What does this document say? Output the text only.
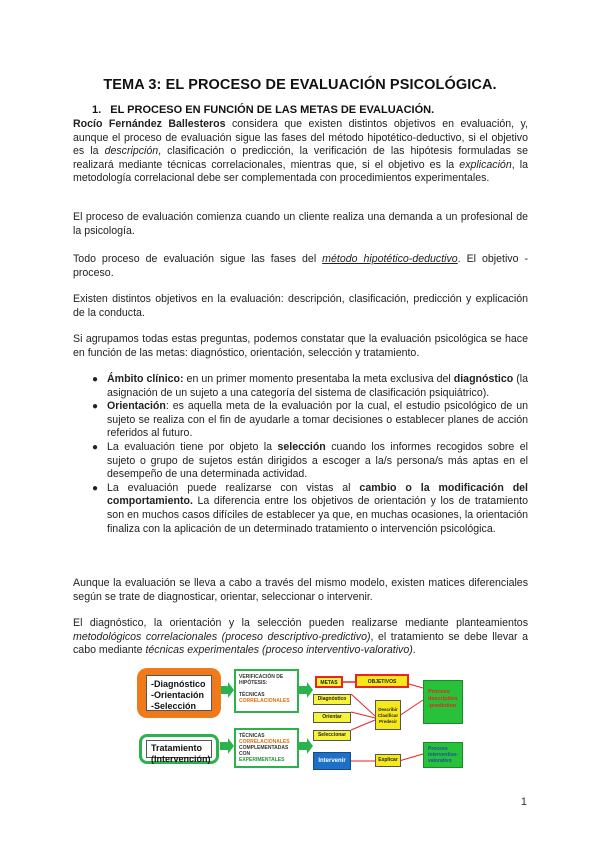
TEMA 3: EL PROCESO DE EVALUACIÓN PSICOLÓGICA.
1. EL PROCESO EN FUNCIÓN DE LAS METAS DE EVALUACIÓN.

Rocío Fernández Ballesteros considera que existen distintos objetivos en evaluación, y, aunque el proceso de evaluación sigue las fases del método hipotético-deductivo, si el objetivo es la descripción, clasificación o predicción, la verificación de las hipótesis formuladas se realizará mediante técnicas correlacionales, mientras que, si el objetivo es la explicación, la metodología correlacional debe ser complementada con procedimientos experimentales.

El proceso de evaluación comienza cuando un cliente realiza una demanda a un profesional de la psicología.

Todo proceso de evaluación sigue las fases del método hipotético-deductivo. El objetivo - proceso.

Existen distintos objetivos en la evaluación: descripción, clasificación, predicción y explicación de la conducta.

Si agrupamos todas estas preguntas, podemos constatar que la evaluación psicológica se hace en función de las metas: diagnóstico, orientación, selección y tratamiento.

● Ámbito clínico: en un primer momento presentaba la meta exclusiva del diagnóstico (la asignación de un sujeto a una categoría del sistema de clasificación psiquiátrico).
● Orientación: es aquella meta de la evaluación por la cual, el estudio psicológico de un sujeto se realiza con el fin de ayudarle a tomar decisiones o establecer planes de acción referidos al futuro.
● La evaluación tiene por objeto la selección cuando los informes recogidos sobre el sujeto o grupo de sujetos están dirigidos a escoger a la/s persona/s más aptas en el desempeño de una determinada actividad.
● La evaluación puede realizarse con vistas al cambio o la modificación del comportamiento. La diferencia entre los objetivos de orientación y los de tratamiento son en muchos casos difíciles de establecer ya que, en muchas ocasiones, la orientación finaliza con la aplicación de un determinado tratamiento o intervención psicológica.

Aunque la evaluación se lleva a cabo a través del mismo modelo, existen matices diferenciales según se trate de diagnosticar, orientar, seleccionar o intervenir.

El diagnóstico, la orientación y la selección pueden realizarse mediante planteamientos metodológicos correlacionales (proceso descriptivo-predictivo), el tratamiento se debe llevar a cabo mediante técnicas experimentales (proceso interventivo-valorativo).

-Diagnóstico
-Orientación
-Selección
Tratamiento
(Intervención)
VERIFICACIÓN DE HIPÓTESIS:
TÉCNICAS
CORRELACIONALES
TÉCNICAS
CORRELACIONALES
COMPLEMENTADAS CON
EXPERIMENTALES
METAS	OBJETIVOS
Diagnóstico
Orientar
Seleccionar
Intervenir
Describir
Clasificar
Predecir
Explicar
Proceso
descriptivo
-predictivo
Proceso
interventivo-
valorativo
1
